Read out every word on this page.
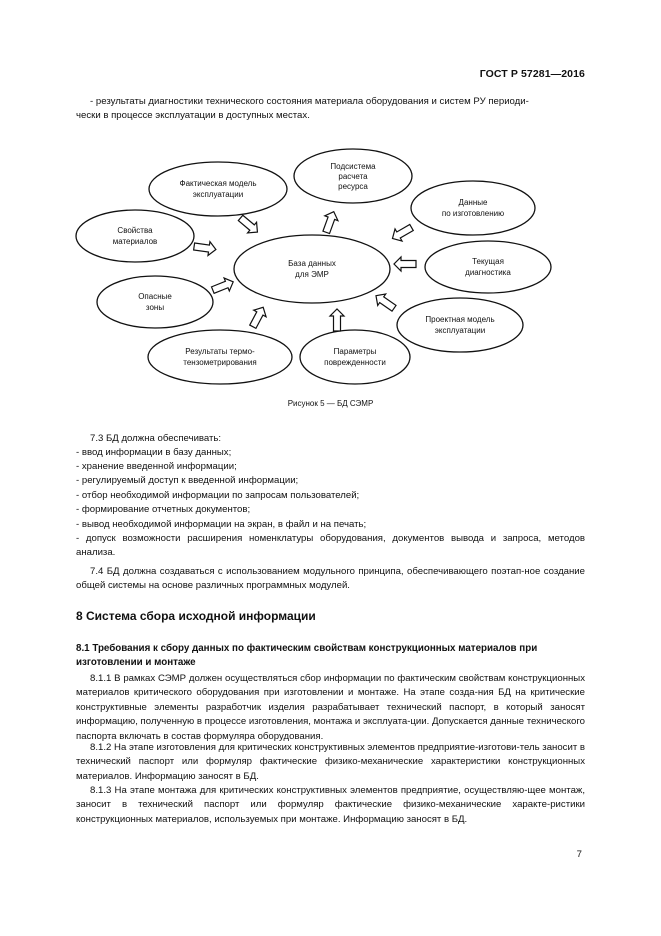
ГОСТ Р 57281—2016
- результаты диагностики технического состояния материала оборудования и систем РУ периоди-
чески в процессе эксплуатации в доступных местах.
База данных
для ЭМР
Фактическая модель
эксплуатации
Подсистема
расчета
ресурса
Данные
по изготовлению
Свойства
материалов
Текущая
диагностика
Опасные
зоны
Проектная модель
эксплуатации
Результаты термо-
тензометрирования
Параметры
поврежденности
Рисунок 5 — БД СЭМР
7.3 БД должна обеспечивать:
- ввод информации в базу данных;
- хранение введенной информации;
- регулируемый доступ к введенной информации;
- отбор необходимой информации по запросам пользователей;
- формирование отчетных документов;
- вывод необходимой информации на экран, в файл и на печать;
- допуск возможности расширения номенклатуры оборудования, документов вывода и запроса, методов анализа.
7.4 БД должна создаваться с использованием модульного принципа, обеспечивающего поэтап-ное создание общей системы на основе различных программных модулей.
8 Система сбора исходной информации
8.1 Требования к сбору данных по фактическим свойствам конструкционных материалов при изготовлении и монтаже
8.1.1 В рамках СЭМР должен осуществляться сбор информации по фактическим свойствам конструкционных материалов критического оборудования при изготовлении и монтаже. На этапе созда-ния БД на критические конструктивные элементы разработчик изделия разрабатывает технический паспорт, в который заносят информацию, полученную в процессе изготовления, монтажа и эксплуата-ции. Допускается данные технического паспорта включать в состав формуляра оборудования.
8.1.2 На этапе изготовления для критических конструктивных элементов предприятие-изготови-тель заносит в технический паспорт или формуляр фактические физико-механические характеристики конструкционных материалов. Информацию заносят в БД.
8.1.3 На этапе монтажа для критических конструктивных элементов предприятие, осуществляю-щее монтаж, заносит в технический паспорт или формуляр фактические физико-механические характе-ристики конструкционных материалов, используемых при монтаже. Информацию заносят в БД.
7
